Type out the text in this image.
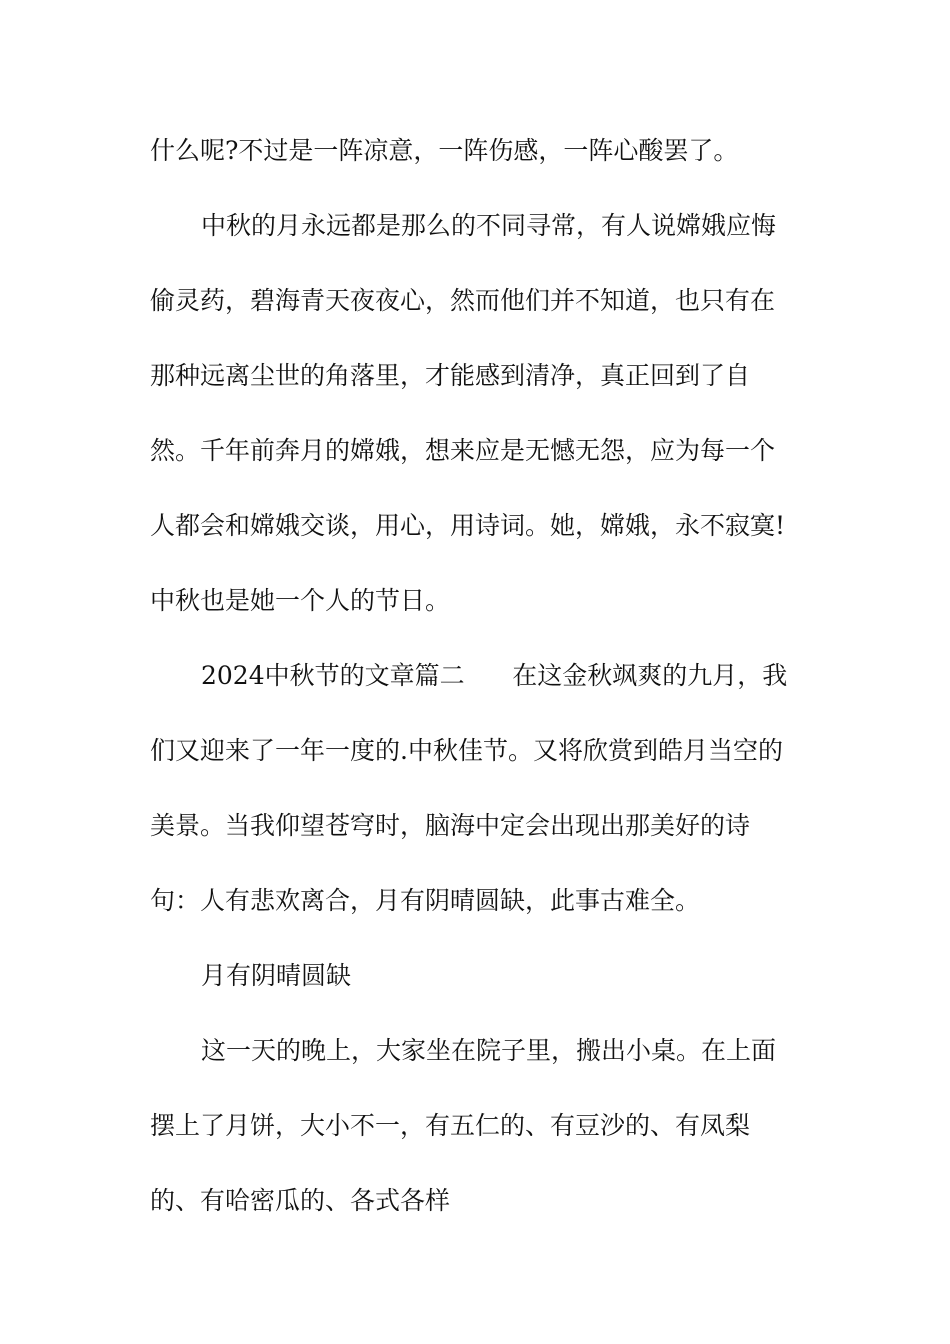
什么呢?不过是一阵凉意，一阵伤感，一阵心酸罢了。

中秋的月永远都是那么的不同寻常，有人说嫦娥应悔

偷灵药，碧海青天夜夜心，然而他们并不知道，也只有在

那种远离尘世的角落里，才能感到清净，真正回到了自

然。千年前奔月的嫦娥，想来应是无憾无怨，应为每一个

人都会和嫦娥交谈，用心，用诗词。她，嫦娥，永不寂寞!

中秋也是她一个人的节日。

2024中秋节的文章篇二      在这金秋飒爽的九月，我

们又迎来了一年一度的.中秋佳节。又将欣赏到皓月当空的

美景。当我仰望苍穹时，脑海中定会出现出那美好的诗

句：人有悲欢离合，月有阴晴圆缺，此事古难全。

月有阴晴圆缺

这一天的晚上，大家坐在院子里，搬出小桌。在上面

摆上了月饼，大小不一，有五仁的、有豆沙的、有凤梨

的、有哈密瓜的、各式各样
